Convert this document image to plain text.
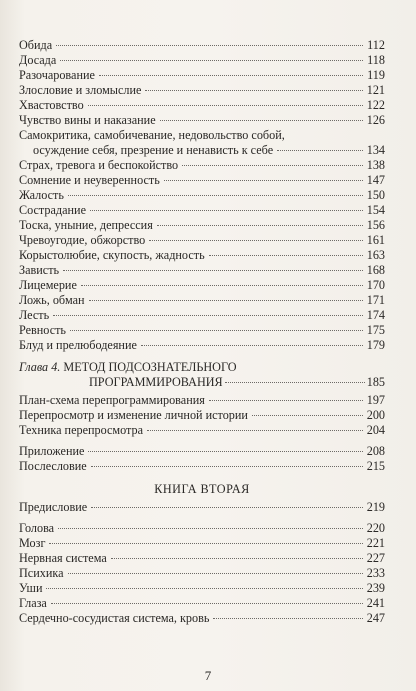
Обида	112
Досада	118
Разочарование	119
Злословие и зломыслие	121
Хвастовство	122
Чувство вины и наказание	126
Самокритика, самобичевание, недовольство собой,
осуждение себя, презрение и ненависть к себе	134
Страх, тревога и беспокойство	138
Сомнение и неуверенность	147
Жалость	150
Сострадание	154
Тоска, уныние, депрессия	156
Чревоугодие, обжорство	161
Корыстолюбие, скупость, жадность	163
Зависть	168
Лицемерие	170
Ложь, обман	171
Лесть	174
Ревность	175
Блуд и прелюбодеяние	179
Глава 4. МЕТОД ПОДСОЗНАТЕЛЬНОГО
ПРОГРАММИРОВАНИЯ	185
План-схема перепрограммирования	197
Перепросмотр и изменение личной истории	200
Техника перепросмотра	204
Приложение	208
Послесловие	215
КНИГА ВТОРАЯ
Предисловие	219
Голова	220
Мозг	221
Нервная система	227
Психика	233
Уши	239
Глаза	241
Сердечно-сосудистая система, кровь	247
7
